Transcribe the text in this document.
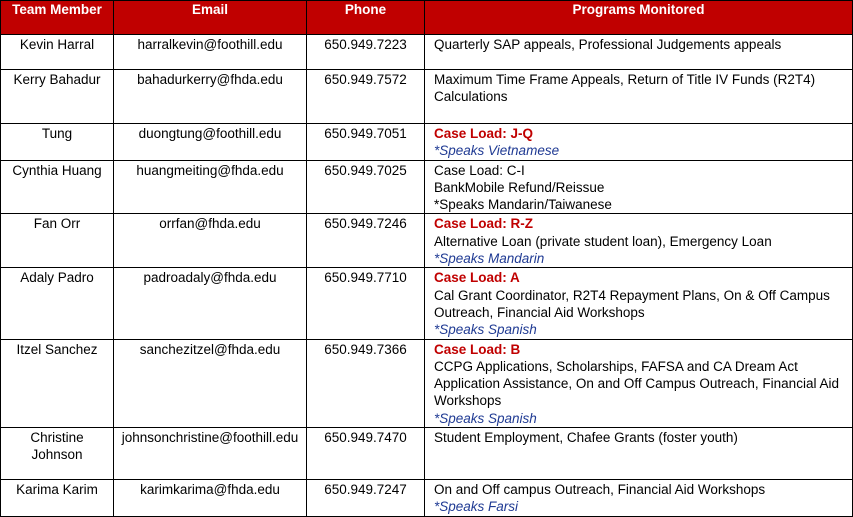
Team Member	Email	Phone	Programs Monitored
Kevin Harral	harralkevin@foothill.edu	650.949.7223	Quarterly SAP appeals, Professional Judgements appeals

Kerry Bahadur	bahadurkerry@fhda.edu	650.949.7572	Maximum Time Frame Appeals, Return of Title IV Funds (R2T4) Calculations

Tung	duongtung@foothill.edu	650.949.7051	Case Load: J-Q
*Speaks Vietnamese

Cynthia Huang	huangmeiting@fhda.edu	650.949.7025	Case Load: C-I
BankMobile Refund/Reissue
*Speaks Mandarin/Taiwanese

Fan Orr	orrfan@fhda.edu	650.949.7246	Case Load: R-Z
Alternative Loan (private student loan), Emergency Loan
*Speaks Mandarin

Adaly Padro	padroadaly@fhda.edu	650.949.7710	Case Load: A
Cal Grant Coordinator, R2T4 Repayment Plans, On & Off Campus Outreach, Financial Aid Workshops
*Speaks Spanish

Itzel Sanchez	sanchezitzel@fhda.edu	650.949.7366	Case Load: B
CCPG Applications, Scholarships, FAFSA and CA Dream Act Application Assistance, On and Off Campus Outreach, Financial Aid Workshops
*Speaks Spanish

Christine Johnson	johnsonchristine@foothill.edu	650.949.7470	Student Employment, Chafee Grants (foster youth)

Karima Karim	karimkarima@fhda.edu	650.949.7247	On and Off campus Outreach, Financial Aid Workshops
*Speaks Farsi
